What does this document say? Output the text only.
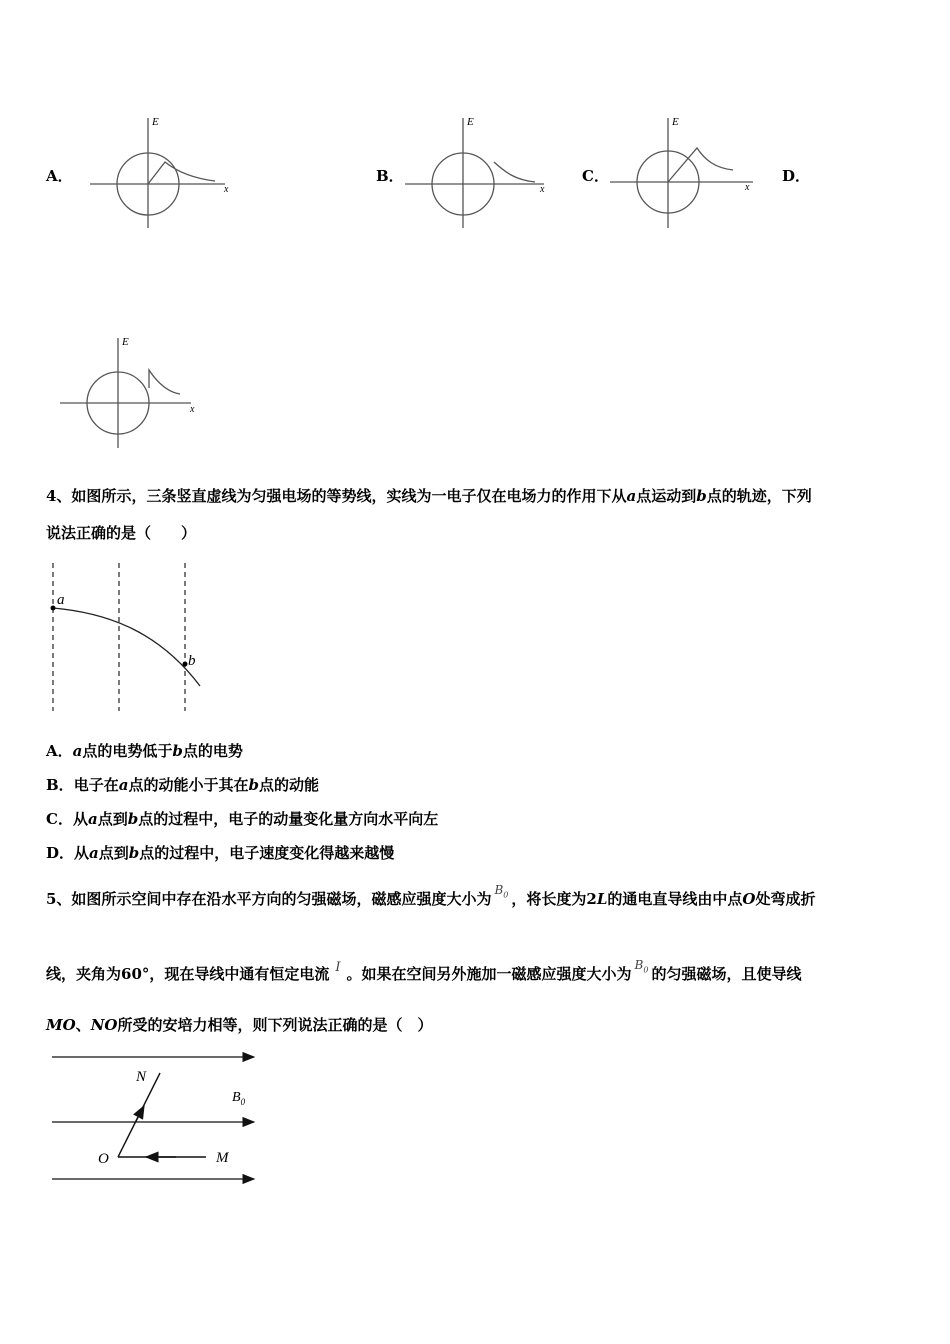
A．
E
x
B．
E
x
C．
E
x
D．
E
x
4、如图所示，三条竖直虚线为匀强电场的等势线，实线为一电子仅在电场力的作用下从a点运动到b点的轨迹，下列
说法正确的是（　　）
a
b
A．a点的电势低于b点的电势
B．电子在a点的动能小于其在b点的动能
C．从a点到b点的过程中，电子的动量变化量方向水平向左
D．从a点到b点的过程中，电子速度变化得越来越慢
5、如图所示空间中存在沿水平方向的匀强磁场，磁感应强度大小为 $^{B_0}$ ，将长度为2L的通电直导线由中点O处弯成折
线，夹角为60°，现在导线中通有恒定电流 I 。如果在空间另外施加一磁感应强度大小为 $^{B_0}$ 的匀强磁场，且使导线
MO、NO所受的安培力相等，则下列说法正确的是（　）
N
O	M
$B_0$
